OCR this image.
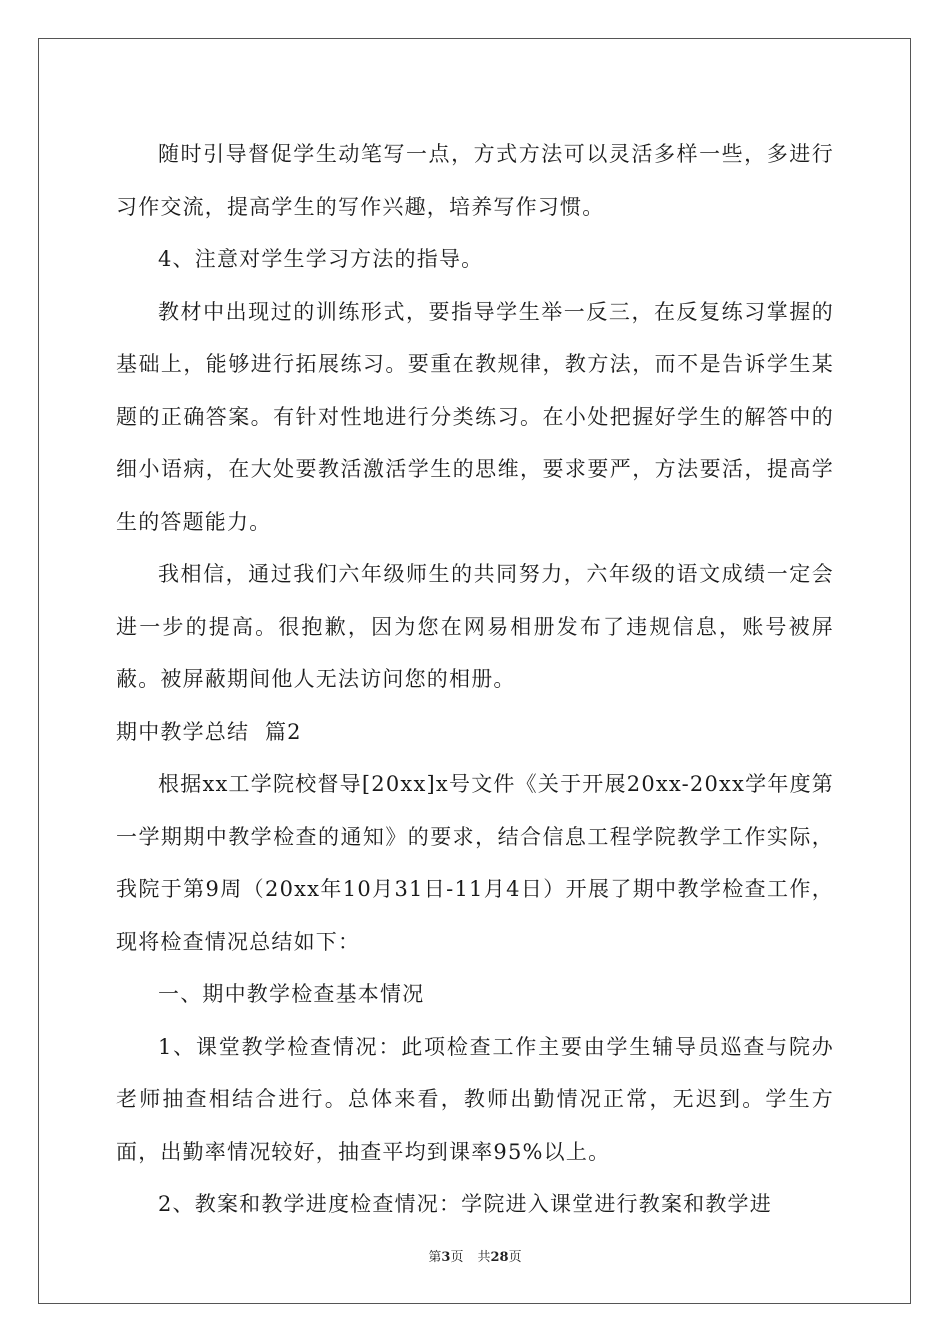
随时引导督促学生动笔写一点，方式方法可以灵活多样一些，多进行习作交流，提高学生的写作兴趣，培养写作习惯。

4、注意对学生学习方法的指导。

教材中出现过的训练形式，要指导学生举一反三，在反复练习掌握的基础上，能够进行拓展练习。要重在教规律，教方法，而不是告诉学生某题的正确答案。有针对性地进行分类练习。在小处把握好学生的解答中的细小语病，在大处要教活激活学生的思维，要求要严，方法要活，提高学生的答题能力。

我相信，通过我们六年级师生的共同努力，六年级的语文成绩一定会进一步的提高。很抱歉，因为您在网易相册发布了违规信息，账号被屏蔽。被屏蔽期间他人无法访问您的相册。

期中教学总结  篇2

根据xx工学院校督导[20xx]x号文件《关于开展20xx-20xx学年度第一学期期中教学检查的通知》的要求，结合信息工程学院教学工作实际，我院于第9周（20xx年10月31日-11月4日）开展了期中教学检查工作，现将检查情况总结如下：

一、期中教学检查基本情况

1、课堂教学检查情况：此项检查工作主要由学生辅导员巡查与院办老师抽查相结合进行。总体来看，教师出勤情况正常，无迟到。学生方面，出勤率情况较好，抽查平均到课率95%以上。

2、教案和教学进度检查情况：学院进入课堂进行教案和教学进

第3页 共28页
